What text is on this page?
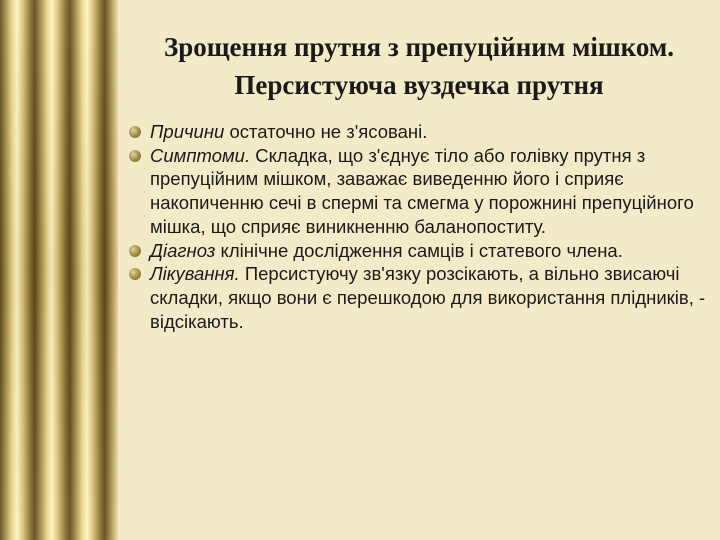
Зрощення прутня з препуційним мішком. Персистуюча вуздечка прутня
Причини остаточно не з'ясовані.
Симптоми. Складка, що з'єднує тіло або голівку прутня з препуційним мішком, заважає виведенню його і сприяє накопиченню сечі в спермі та смегма у порожнині препуційного мішка, що сприяє виникненню баланопоститу.
Діагноз клінічне дослідження самців і статевого члена.
Лікування. Персистуючу зв'язку розсікають, а вільно звисаючі складки, якщо вони є перешкодою для використання плідників, - відсікають.
